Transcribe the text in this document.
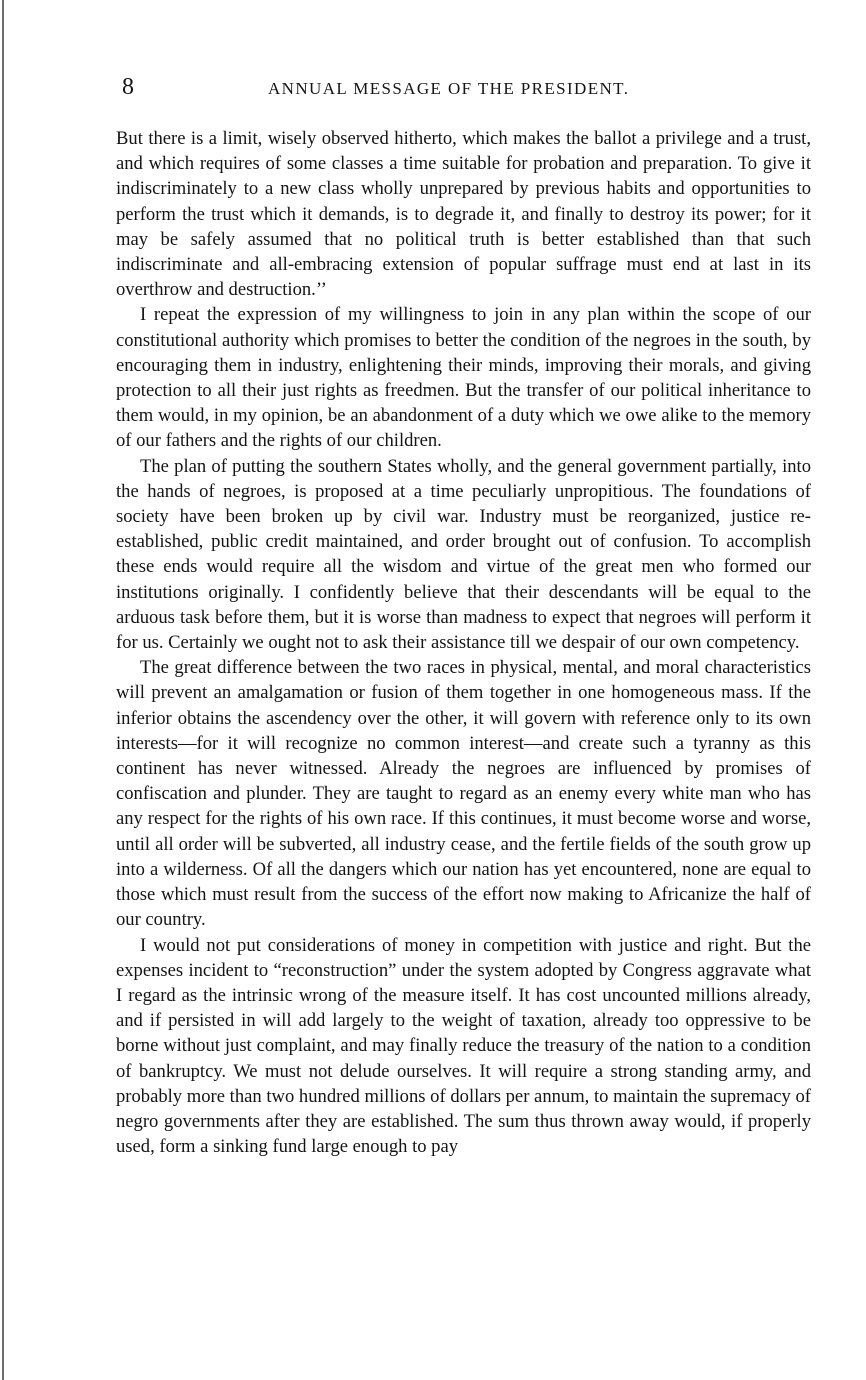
8	ANNUAL MESSAGE OF THE PRESIDENT.

But there is a limit, wisely observed hitherto, which makes the ballot a privilege and a trust, and which requires of some classes a time suitable for probation and preparation. To give it indiscriminately to a new class wholly unprepared by previous habits and opportunities to perform the trust which it demands, is to degrade it, and finally to destroy its power; for it may be safely assumed that no political truth is better established than that such indiscriminate and all-embracing extension of popular suffrage must end at last in its overthrow and destruction.’’

I repeat the expression of my willingness to join in any plan within the scope of our constitutional authority which promises to better the condition of the negroes in the south, by encouraging them in industry, enlightening their minds, improving their morals, and giving protection to all their just rights as freedmen. But the transfer of our political inheritance to them would, in my opinion, be an abandonment of a duty which we owe alike to the memory of our fathers and the rights of our children.

The plan of putting the southern States wholly, and the general government partially, into the hands of negroes, is proposed at a time peculiarly unpropitious. The foundations of society have been broken up by civil war. Industry must be reorganized, justice re-established, public credit maintained, and order brought out of confusion. To accomplish these ends would require all the wisdom and virtue of the great men who formed our institutions originally. I confidently believe that their descendants will be equal to the arduous task before them, but it is worse than madness to expect that negroes will perform it for us. Certainly we ought not to ask their assistance till we despair of our own competency.

The great difference between the two races in physical, mental, and moral characteristics will prevent an amalgamation or fusion of them together in one homogeneous mass. If the inferior obtains the ascendency over the other, it will govern with reference only to its own interests—for it will recognize no common interest—and create such a tyranny as this continent has never witnessed. Already the negroes are influenced by promises of confiscation and plunder. They are taught to regard as an enemy every white man who has any respect for the rights of his own race. If this continues, it must become worse and worse, until all order will be subverted, all industry cease, and the fertile fields of the south grow up into a wilderness. Of all the dangers which our nation has yet encountered, none are equal to those which must result from the success of the effort now making to Africanize the half of our country.

I would not put considerations of money in competition with justice and right. But the expenses incident to “reconstruction” under the system adopted by Congress aggravate what I regard as the intrinsic wrong of the measure itself. It has cost uncounted millions already, and if persisted in will add largely to the weight of taxation, already too oppressive to be borne without just complaint, and may finally reduce the treasury of the nation to a condition of bankruptcy. We must not delude ourselves. It will require a strong standing army, and probably more than two hundred millions of dollars per annum, to maintain the supremacy of negro governments after they are established. The sum thus thrown away would, if properly used, form a sinking fund large enough to pay
